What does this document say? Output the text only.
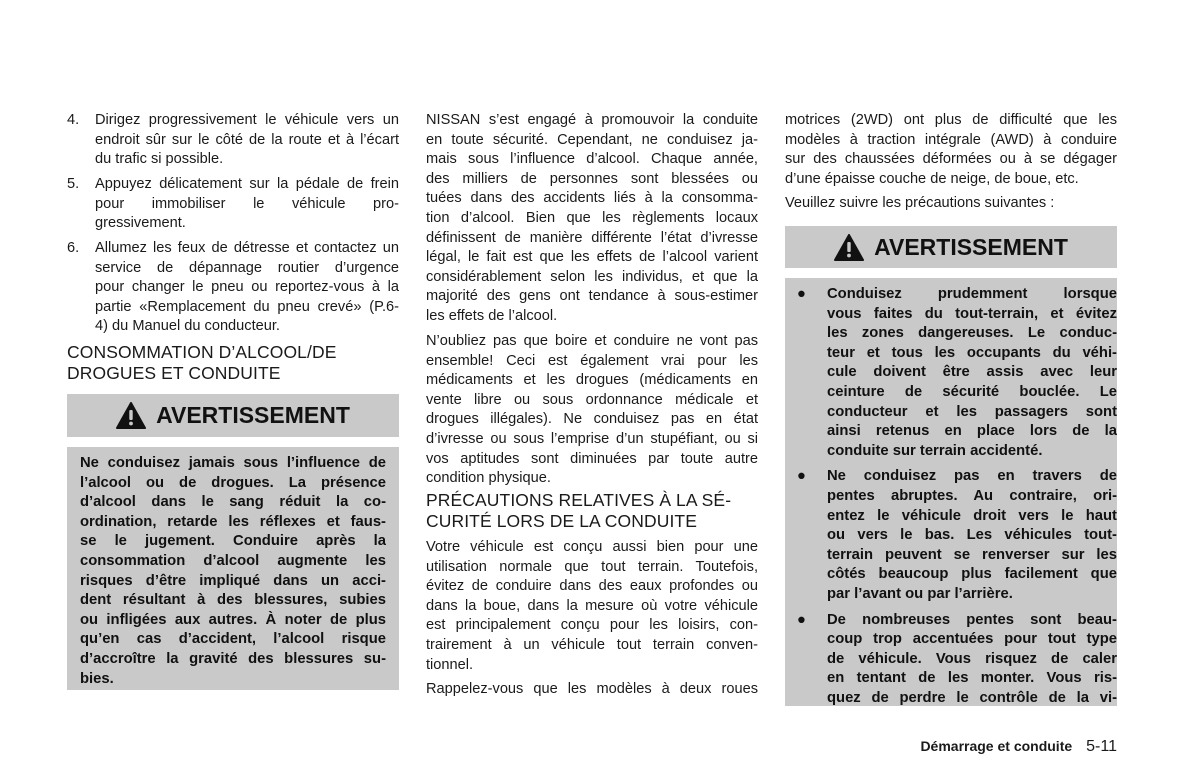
4. Dirigez progressivement le véhicule vers un
endroit sûr sur le côté de la route et à l’écart
du trafic si possible.
5. Appuyez délicatement sur la pédale de frein
pour immobiliser le véhicule pro-
gressivement.
6. Allumez les feux de détresse et contactez un
service de dépannage routier d’urgence
pour changer le pneu ou reportez-vous à la
partie «Remplacement du pneu crevé» (P.6-
4) du Manuel du conducteur.
CONSOMMATION D’ALCOOL/DE
DROGUES ET CONDUITE
AVERTISSEMENT
Ne conduisez jamais sous l’influence de
l’alcool ou de drogues. La présence
d’alcool dans le sang réduit la co-
ordination, retarde les réflexes et faus-
se le jugement. Conduire après la
consommation d’alcool augmente les
risques d’être impliqué dans un acci-
dent résultant à des blessures, subies
ou infligées aux autres. À noter de plus
qu’en cas d’accident, l’alcool risque
d’accroître la gravité des blessures su-
bies.
NISSAN s’est engagé à promouvoir la conduite
en toute sécurité. Cependant, ne conduisez ja-
mais sous l’influence d’alcool. Chaque année,
des milliers de personnes sont blessées ou
tuées dans des accidents liés à la consomma-
tion d’alcool. Bien que les règlements locaux
définissent de manière différente l’état d’ivresse
légal, le fait est que les effets de l’alcool varient
considérablement selon les individus, et que la
majorité des gens ont tendance à sous-estimer
les effets de l’alcool.
N’oubliez pas que boire et conduire ne vont pas
ensemble! Ceci est également vrai pour les
médicaments et les drogues (médicaments en
vente libre ou sous ordonnance médicale et
drogues illégales). Ne conduisez pas en état
d’ivresse ou sous l’emprise d’un stupéfiant, ou si
vos aptitudes sont diminuées par toute autre
condition physique.
PRÉCAUTIONS RELATIVES À LA SÉ-
CURITÉ LORS DE LA CONDUITE
Votre véhicule est conçu aussi bien pour une
utilisation normale que tout terrain. Toutefois,
évitez de conduire dans des eaux profondes ou
dans la boue, dans la mesure où votre véhicule
est principalement conçu pour les loisirs, con-
trairement à un véhicule tout terrain conven-
tionnel.
Rappelez-vous que les modèles à deux roues
motrices (2WD) ont plus de difficulté que les
modèles à traction intégrale (AWD) à conduire
sur des chaussées déformées ou à se dégager
d’une épaisse couche de neige, de boue, etc.
Veuillez suivre les précautions suivantes :
AVERTISSEMENT
● Conduisez prudemment lorsque
vous faites du tout-terrain, et évitez
les zones dangereuses. Le conduc-
teur et tous les occupants du véhi-
cule doivent être assis avec leur
ceinture de sécurité bouclée. Le
conducteur et les passagers sont
ainsi retenus en place lors de la
conduite sur terrain accidenté.
● Ne conduisez pas en travers de
pentes abruptes. Au contraire, ori-
entez le véhicule droit vers le haut
ou vers le bas. Les véhicules tout-
terrain peuvent se renverser sur les
côtés beaucoup plus facilement que
par l’avant ou par l’arrière.
● De nombreuses pentes sont beau-
coup trop accentuées pour tout type
de véhicule. Vous risquez de caler
en tentant de les monter. Vous ris-
quez de perdre le contrôle de la vi-
Démarrage et conduite 5-11
